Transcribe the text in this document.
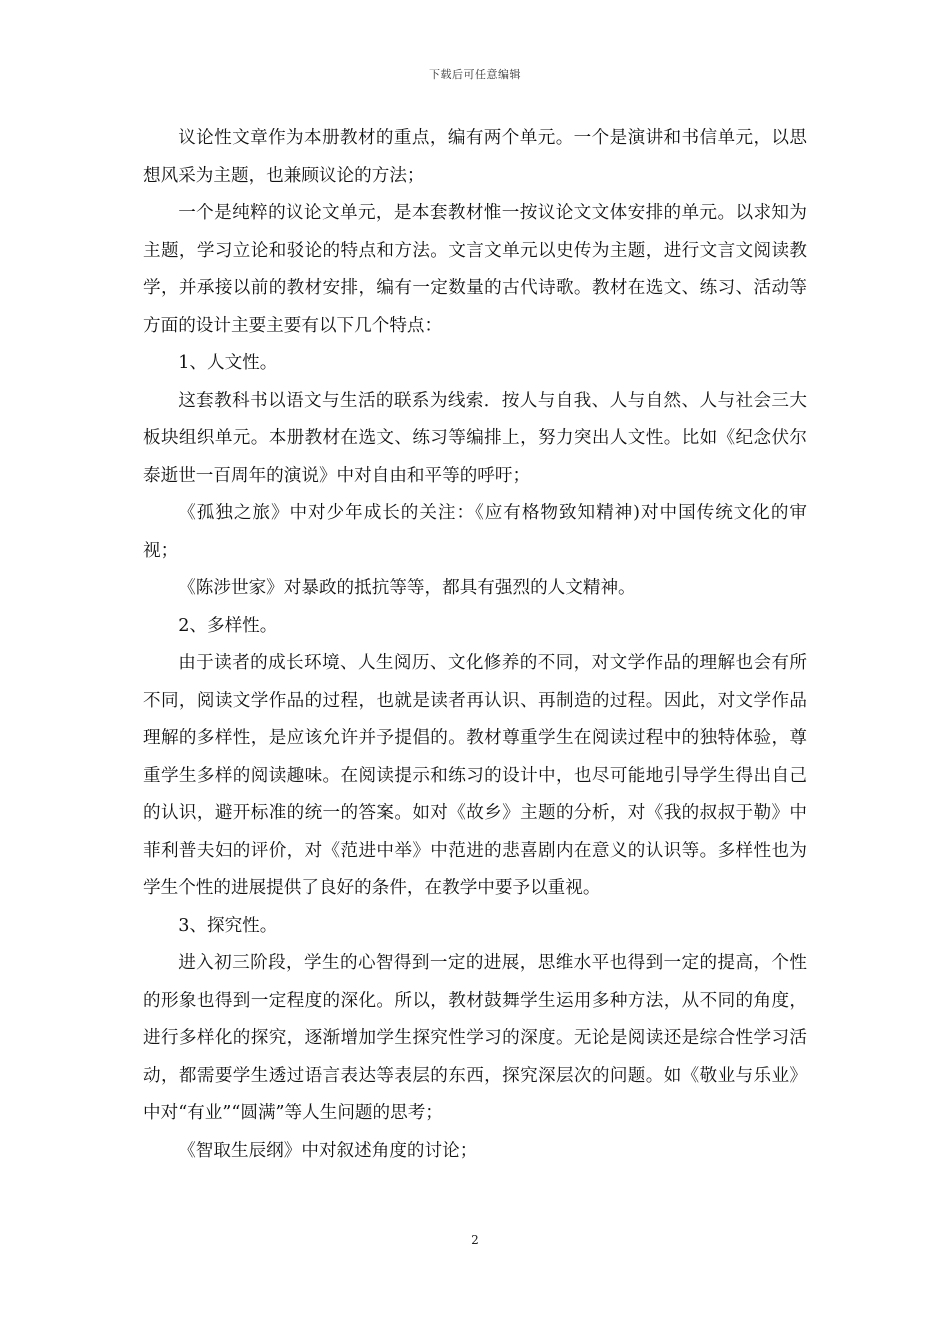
下载后可任意编辑

议论性文章作为本册教材的重点，编有两个单元。一个是演讲和书信单元，以思想风采为主题，也兼顾议论的方法；

一个是纯粹的议论文单元，是本套教材惟一按议论文文体安排的单元。以求知为主题，学习立论和驳论的特点和方法。文言文单元以史传为主题，进行文言文阅读教学，并承接以前的教材安排，编有一定数量的古代诗歌。教材在选文、练习、活动等方面的设计主要主要有以下几个特点：

1、人文性。

这套教科书以语文与生活的联系为线索．按人与自我、人与自然、人与社会三大板块组织单元。本册教材在选文、练习等编排上，努力突出人文性。比如《纪念伏尔泰逝世一百周年的演说》中对自由和平等的呼吁；

《孤独之旅》中对少年成长的关注：《应有格物致知精神)对中国传统文化的审视；

《陈涉世家》对暴政的抵抗等等，都具有强烈的人文精神。

2、多样性。

由于读者的成长环境、人生阅历、文化修养的不同，对文学作品的理解也会有所不同，阅读文学作品的过程，也就是读者再认识、再制造的过程。因此，对文学作品理解的多样性，是应该允许并予提倡的。教材尊重学生在阅读过程中的独特体验，尊重学生多样的阅读趣味。在阅读提示和练习的设计中，也尽可能地引导学生得出自己的认识，避开标准的统一的答案。如对《故乡》主题的分析，对《我的叔叔于勒》中菲利普夫妇的评价，对《范进中举》中范进的悲喜剧内在意义的认识等。多样性也为学生个性的进展提供了良好的条件，在教学中要予以重视。

3、探究性。

进入初三阶段，学生的心智得到一定的进展，思维水平也得到一定的提高，个性的形象也得到一定程度的深化。所以，教材鼓舞学生运用多种方法，从不同的角度，进行多样化的探究，逐渐增加学生探究性学习的深度。无论是阅读还是综合性学习活动，都需要学生透过语言表达等表层的东西，探究深层次的问题。如《敬业与乐业》中对“有业”“圆满”等人生问题的思考；

《智取生辰纲》中对叙述角度的讨论；

2
